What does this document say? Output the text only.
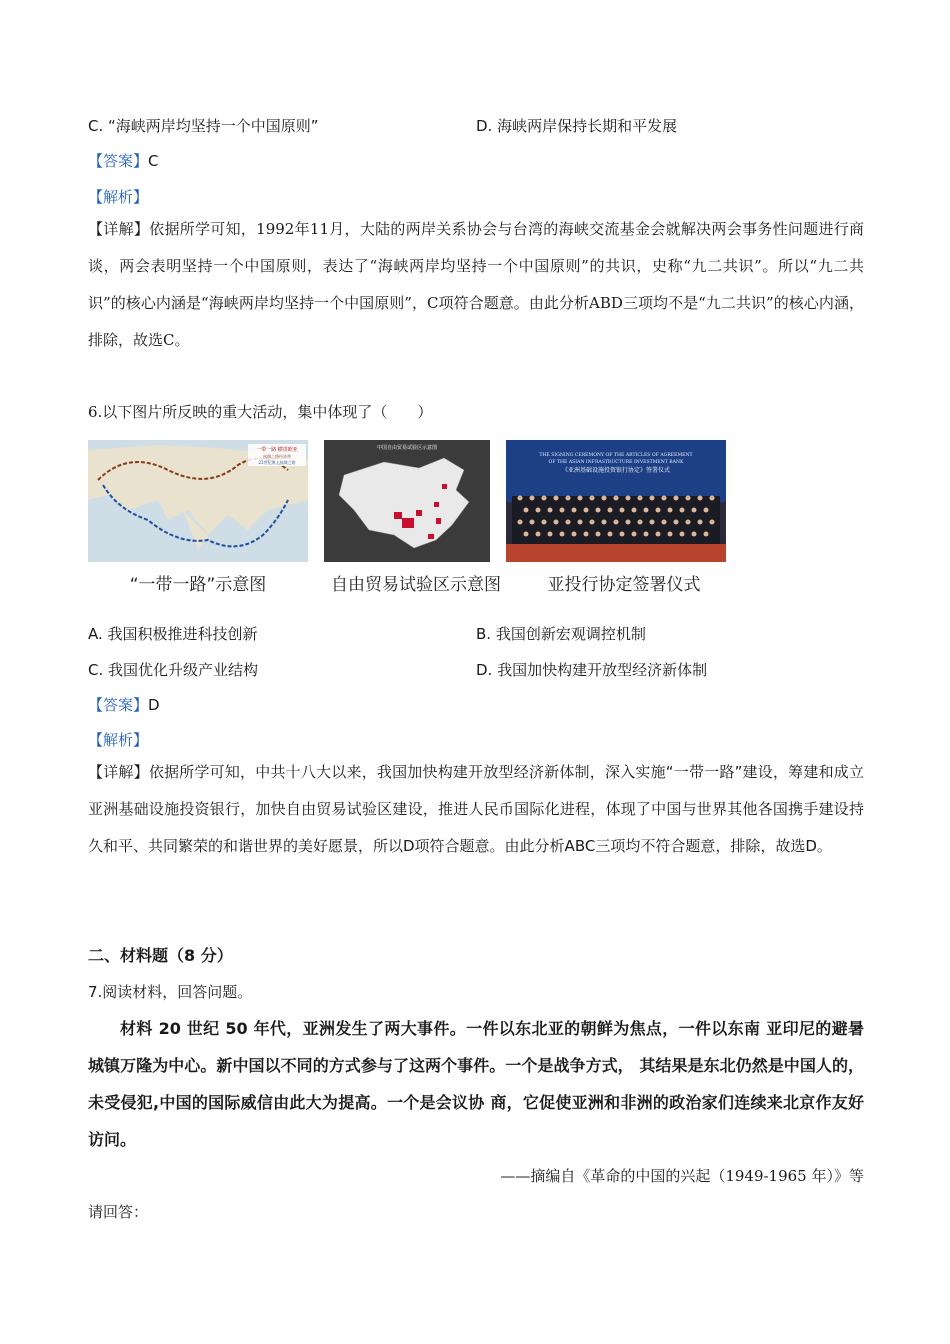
C. “海峡两岸均坚持一个中国原则”	D. 海峡两岸保持长期和平发展
【答案】C
【解析】
【详解】依据所学可知，1992年11月，大陆的两岸关系协会与台湾的海峡交流基金会就解决两会事务性问题进行商谈，两会表明坚持一个中国原则，表达了“海峡两岸均坚持一个中国原则”的共识，史称“九二共识”。所以“九二共识”的核心内涵是“海峡两岸均坚持一个中国原则”，C项符合题意。由此分析ABD三项均不是“九二共识”的核心内涵，排除，故选C。
6.以下图片所反映的重大活动，集中体现了（　　）
一带一路 横贯欧亚
丝绸之路经济带
21世纪海上丝绸之路
中国自由贸易试验区示意图
THE SIGNING CEREMONY OF THE ARTICLES OF AGREEMENT
OF THE ASIAN INFRASTRUCTURE INVESTMENT BANK
《亚洲基础设施投资银行协定》签署仪式
“一带一路”示意图	自由贸易试验区示意图	亚投行协定签署仪式
A. 我国积极推进科技创新	B. 我国创新宏观调控机制
C. 我国优化升级产业结构	D. 我国加快构建开放型经济新体制
【答案】D
【解析】
【详解】依据所学可知，中共十八大以来，我国加快构建开放型经济新体制，深入实施“一带一路”建设，筹建和成立亚洲基础设施投资银行，加快自由贸易试验区建设，推进人民币国际化进程，体现了中国与世界其他各国携手建设持久和平、共同繁荣的和谐世界的美好愿景，所以D项符合题意。由此分析ABC三项均不符合题意，排除，故选D。
二、材料题（8 分）
7.阅读材料，回答问题。
材料 20 世纪 50 年代，亚洲发生了两大事件。一件以东北亚的朝鲜为焦点，一件以东南 亚印尼的避暑城镇万隆为中心。新中国以不同的方式参与了这两个事件。一个是战争方式， 其结果是东北仍然是中国人的，未受侵犯,中国的国际威信由此大为提高。一个是会议协 商，它促使亚洲和非洲的政治家们连续来北京作友好访问。
——摘编自《革命的中国的兴起（1949-1965 年）》等
请回答：
